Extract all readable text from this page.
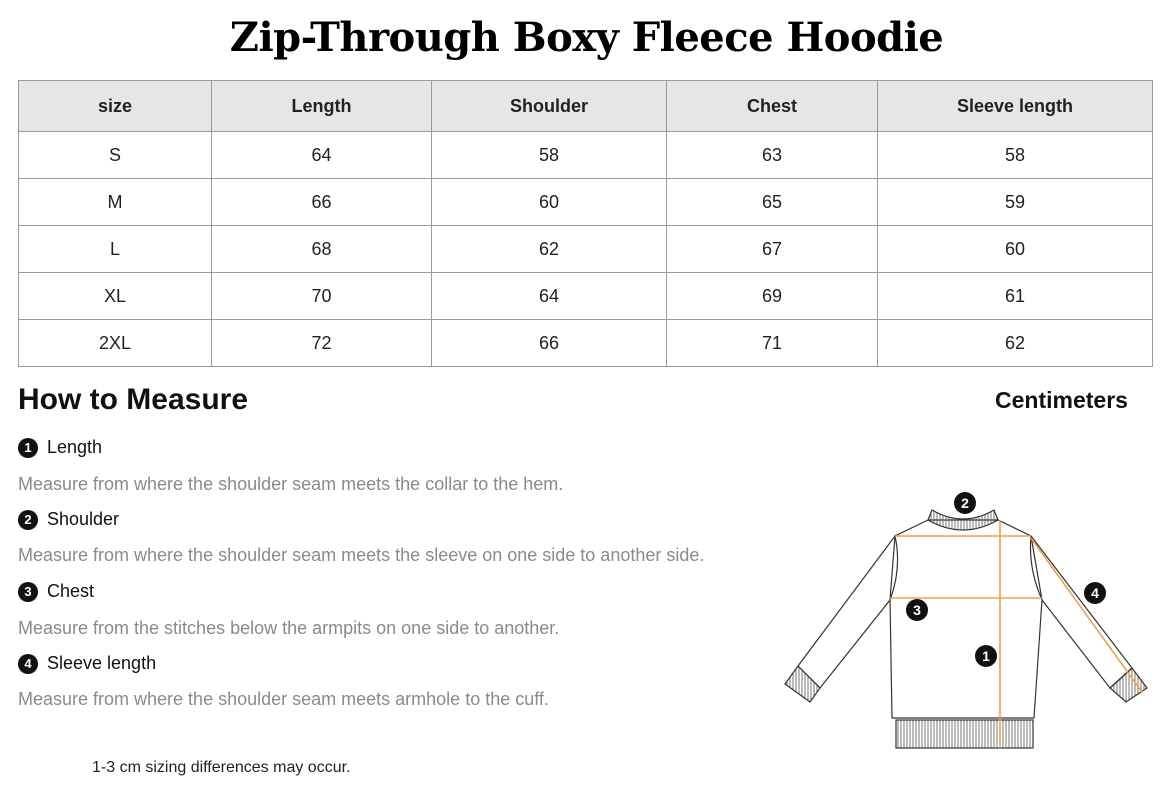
Zip-Through Boxy Fleece Hoodie
size	Length	Shoulder	Chest	Sleeve length
S	64	58	63	58
M	66	60	65	59
L	68	62	67	60
XL	70	64	69	61
2XL	72	66	71	62
How to Measure	Centimeters
1 Length
Measure from where the shoulder seam meets the collar to the hem.
2 Shoulder
Measure from where the shoulder seam meets the sleeve on one side to another side.
3 Chest
Measure from the stitches below the armpits on one side to another.
4 Sleeve length
Measure from where the shoulder seam meets armhole to the cuff.
1-3 cm sizing differences may occur.
2
3
4
1
